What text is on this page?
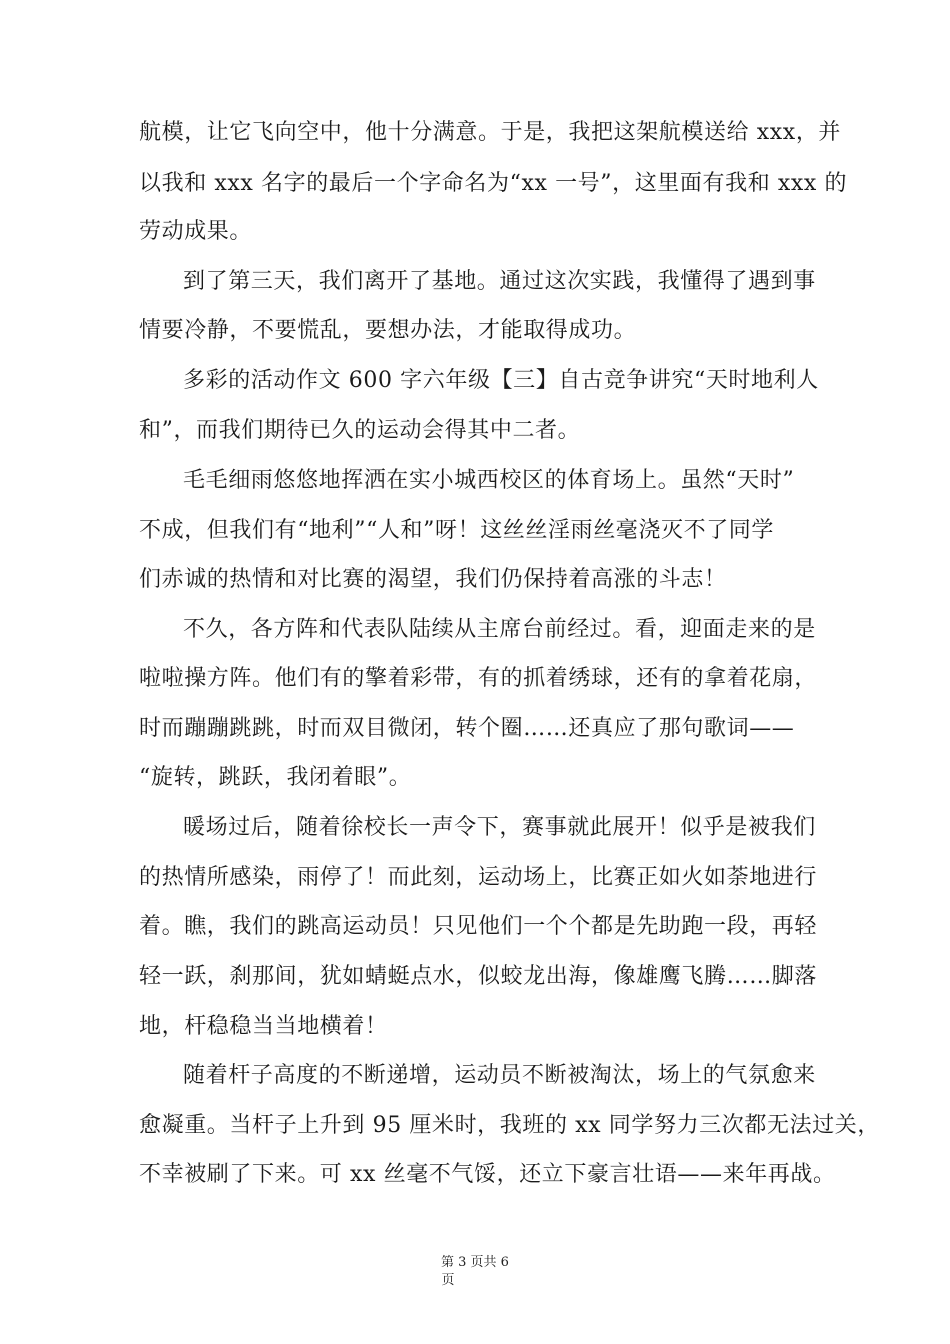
航模，让它飞向空中，他十分满意。于是，我把这架航模送给 xxx，并
以我和 xxx 名字的最后一个字命名为“xx 一号”，这里面有我和 xxx 的
劳动成果。
到了第三天，我们离开了基地。通过这次实践，我懂得了遇到事
情要冷静，不要慌乱，要想办法，才能取得成功。
多彩的活动作文 600 字六年级【三】自古竞争讲究“天时地利人
和”，而我们期待已久的运动会得其中二者。
毛毛细雨悠悠地挥洒在实小城西校区的体育场上。虽然“天时”
不成，但我们有“地利”“人和”呀！这丝丝淫雨丝毫浇灭不了同学
们赤诚的热情和对比赛的渴望，我们仍保持着高涨的斗志！
不久，各方阵和代表队陆续从主席台前经过。看，迎面走来的是
啦啦操方阵。他们有的擎着彩带，有的抓着绣球，还有的拿着花扇，
时而蹦蹦跳跳，时而双目微闭，转个圈……还真应了那句歌词——
“旋转，跳跃，我闭着眼”。
暖场过后，随着徐校长一声令下，赛事就此展开！似乎是被我们
的热情所感染，雨停了！而此刻，运动场上，比赛正如火如荼地进行
着。瞧，我们的跳高运动员！只见他们一个个都是先助跑一段，再轻
轻一跃，刹那间，犹如蜻蜓点水，似蛟龙出海，像雄鹰飞腾……脚落
地，杆稳稳当当地横着！
随着杆子高度的不断递增，运动员不断被淘汰，场上的气氛愈来
愈凝重。当杆子上升到 95 厘米时，我班的 xx 同学努力三次都无法过关，
不幸被刷了下来。可 xx 丝毫不气馁，还立下豪言壮语——来年再战。
第 3 页共 6
页
